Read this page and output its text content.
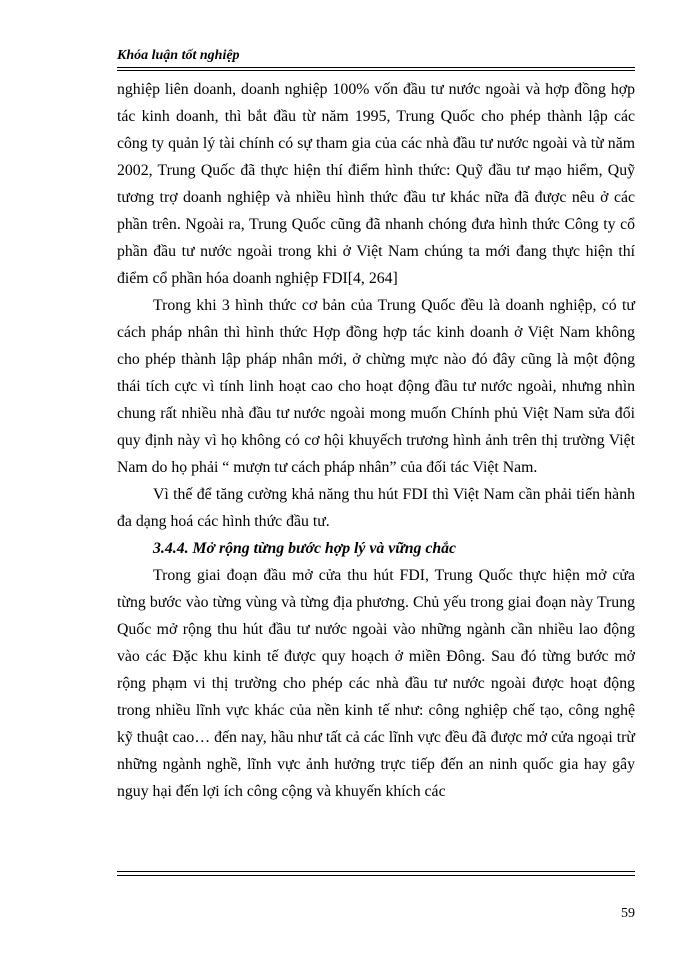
Khóa luận tốt nghiệp

nghiệp liên doanh, doanh nghiệp 100% vốn đầu tư nước ngoài và hợp đồng hợp tác kinh doanh, thì bắt đầu từ năm 1995, Trung Quốc cho phép thành lập các công ty quản lý tài chính có sự tham gia của các nhà đầu tư nước ngoài và từ năm 2002, Trung Quốc đã thực hiện thí điểm hình thức: Quỹ đầu tư mạo hiểm, Quỹ tương trợ doanh nghiệp và nhiều hình thức đầu tư khác nữa đã được nêu ở các phần trên. Ngoài ra, Trung Quốc cũng đã nhanh chóng đưa hình thức Công ty cổ phần đầu tư nước ngoài trong khi ở Việt Nam chúng ta mới đang thực hiện thí điểm cổ phần hóa doanh nghiệp FDI[4, 264]

Trong khi 3 hình thức cơ bản của Trung Quốc đều là doanh nghiệp, có tư cách pháp nhân thì hình thức Hợp đồng hợp tác kinh doanh ở Việt Nam không cho phép thành lập pháp nhân mới, ở chừng mực nào đó đây cũng là một động thái tích cực vì tính linh hoạt cao cho hoạt động đầu tư nước ngoài, nhưng nhìn chung rất nhiều nhà đầu tư nước ngoài mong muốn Chính phủ Việt Nam sửa đổi quy định này vì họ không có cơ hội khuyếch trương hình ảnh trên thị trường Việt Nam do họ phải “ mượn tư cách pháp nhân” của đối tác Việt Nam.

Vì thế để tăng cường khả năng thu hút FDI thì Việt Nam cần phải tiến hành đa dạng hoá các hình thức đầu tư.

3.4.4. Mở rộng từng bước hợp lý và vững chắc

Trong giai đoạn đầu mở cửa thu hút FDI, Trung Quốc thực hiện mở cửa từng bước vào từng vùng và từng địa phương. Chủ yếu trong giai đoạn này Trung Quốc mở rộng thu hút đầu tư nước ngoài vào những ngành cần nhiều lao động vào các Đặc khu kinh tế được quy hoạch ở miền Đông. Sau đó từng bước mở rộng phạm vi thị trường cho phép các nhà đầu tư nước ngoài được hoạt động trong nhiều lĩnh vực khác của nền kinh tế như: công nghiệp chế tạo, công nghệ kỹ thuật cao… đến nay, hầu như tất cả các lĩnh vực đều đã được mở cửa ngoại trừ những ngành nghề, lĩnh vực ảnh hưởng trực tiếp đến an ninh quốc gia hay gây nguy hại đến lợi ích công cộng và khuyến khích các

59
